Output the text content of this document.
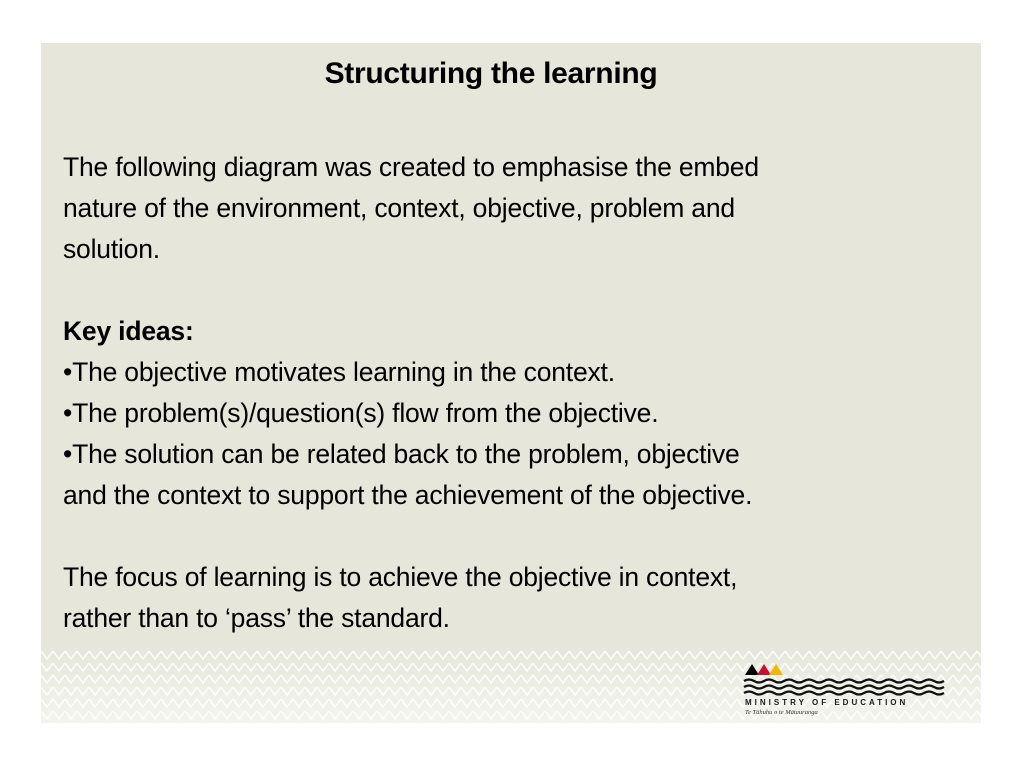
Structuring the learning

The following diagram was created to emphasise the embed

nature of the environment, context, objective, problem and

solution.

Key ideas:

•The objective motivates learning in the context.

•The problem(s)/question(s) flow from the objective.

•The solution can be related back to the problem, objective

and the context to support the achievement of the objective.

The focus of learning is to achieve the objective in context,

rather than to ‘pass’ the standard.

MINISTRY OF EDUCATION
Te Tāhuhu o te Mātauranga
